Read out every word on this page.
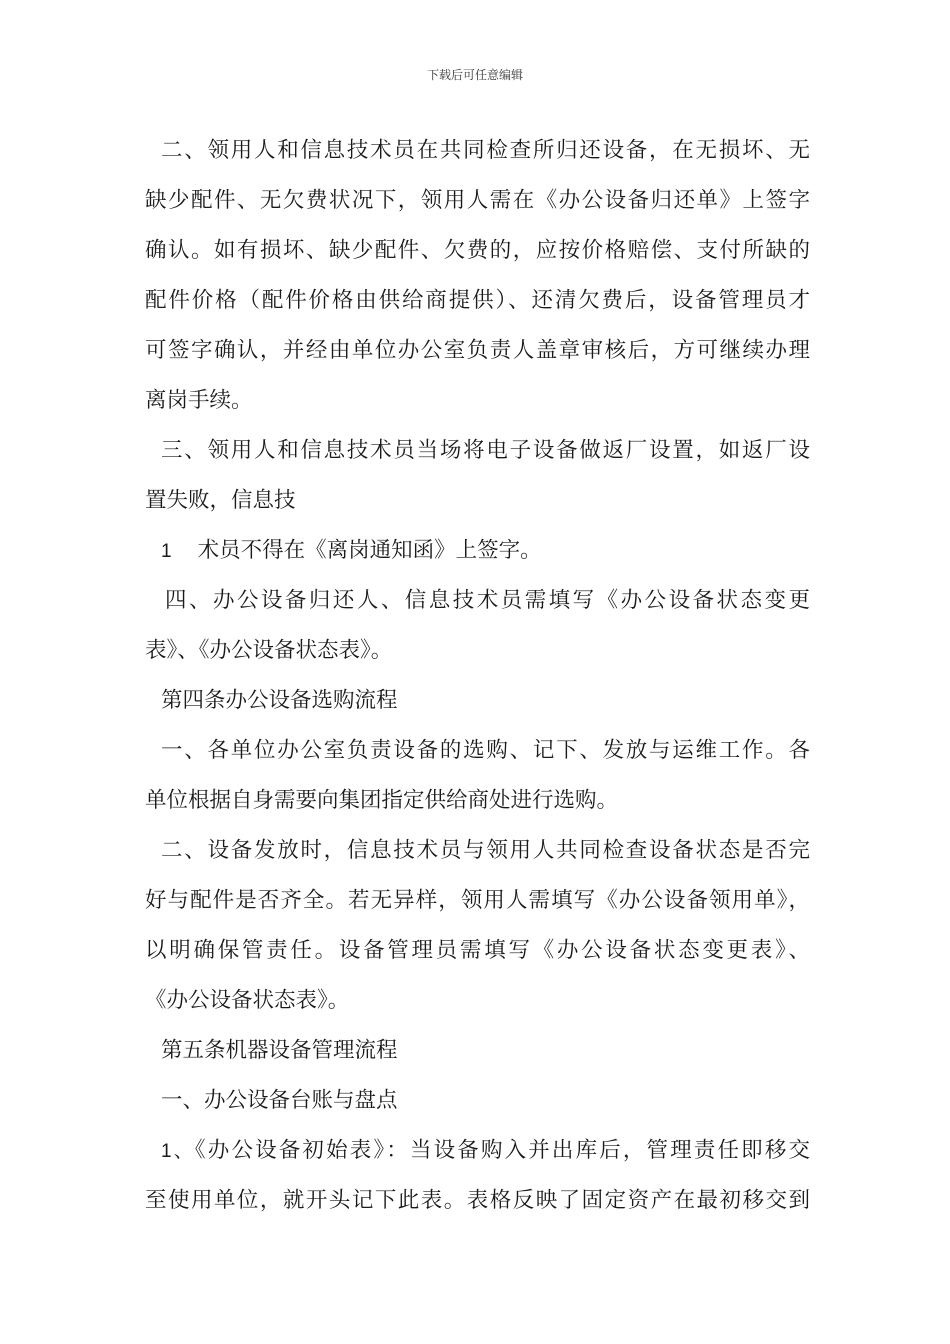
下载后可任意编辑
二、领用人和信息技术员在共同检查所归还设备，在无损坏、无
缺少配件、无欠费状况下，领用人需在《办公设备归还单》上签字
确认。如有损坏、缺少配件、欠费的，应按价格赔偿、支付所缺的
配件价格（配件价格由供给商提供）、还清欠费后，设备管理员才
可签字确认，并经由单位办公室负责人盖章审核后，方可继续办理
离岗手续。
三、领用人和信息技术员当场将电子设备做返厂设置，如返厂设
置失败，信息技
1 术员不得在《离岗通知函》上签字。
四、办公设备归还人、信息技术员需填写《办公设备状态变更
表》、《办公设备状态表》。
第四条办公设备选购流程
一、各单位办公室负责设备的选购、记下、发放与运维工作。各
单位根据自身需要向集团指定供给商处进行选购。
二、设备发放时，信息技术员与领用人共同检查设备状态是否完
好与配件是否齐全。若无异样，领用人需填写《办公设备领用单》，
以明确保管责任。设备管理员需填写《办公设备状态变更表》、
《办公设备状态表》。
第五条机器设备管理流程
一、办公设备台账与盘点
1、《办公设备初始表》：当设备购入并出库后，管理责任即移交
至使用单位，就开头记下此表。表格反映了固定资产在最初移交到
